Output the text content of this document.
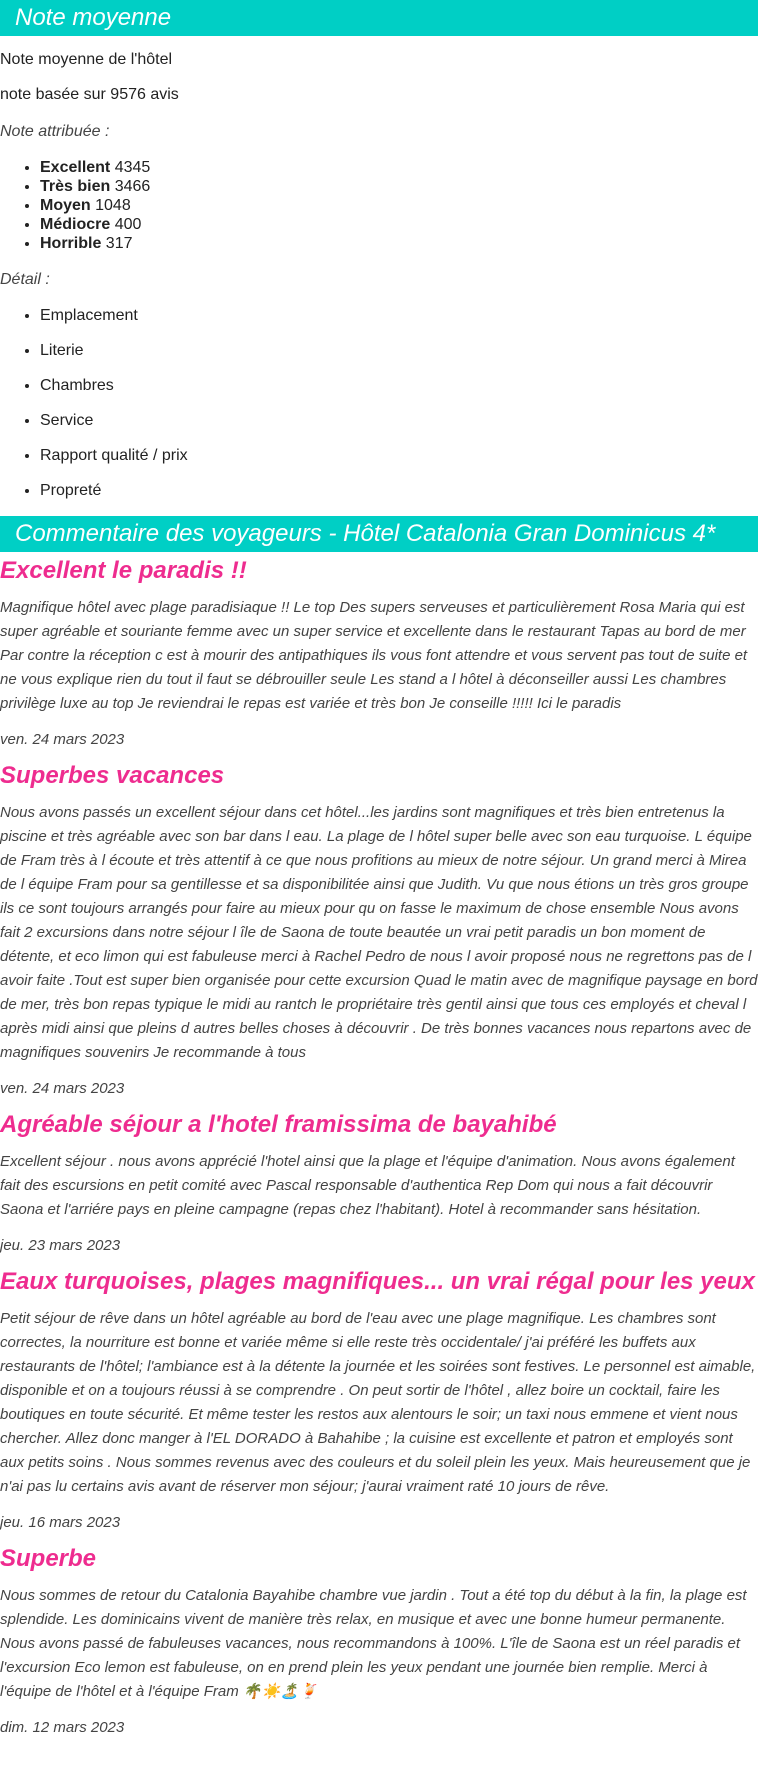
Note moyenne

Note moyenne de l'hôtel

note basée sur 9576 avis

Note attribuée :
• Excellent 4345
• Très bien 3466
• Moyen 1048
• Médiocre 400
• Horrible 317
Détail :
• Emplacement
• Literie
• Chambres
• Service
• Rapport qualité / prix
• Propreté
Commentaire des voyageurs - Hôtel Catalonia Gran Dominicus 4*
Excellent le paradis !!

Magnifique hôtel avec plage paradisiaque !! Le top Des supers serveuses et particulièrement Rosa Maria qui est super agréable et souriante femme avec un super service et excellente dans le restaurant Tapas au bord de mer Par contre la réception c est à mourir des antipathiques ils vous font attendre et vous servent pas tout de suite et ne vous explique rien du tout il faut se débrouiller seule Les stand a l hôtel à déconseiller aussi Les chambres privilège luxe au top Je reviendrai le repas est variée et très bon Je conseille !!!!! Ici le paradis

ven. 24 mars 2023

Superbes vacances

Nous avons passés un excellent séjour dans cet hôtel...les jardins sont magnifiques et très bien entretenus la piscine et très agréable avec son bar dans l eau. La plage de l hôtel super belle avec son eau turquoise. L équipe de Fram très à l écoute et très attentif à ce que nous profitions au mieux de notre séjour. Un grand merci à Mirea de l équipe Fram pour sa gentillesse et sa disponibilitée ainsi que Judith. Vu que nous étions un très gros groupe ils ce sont toujours arrangés pour faire au mieux pour qu on fasse le maximum de chose ensemble Nous avons fait 2 excursions dans notre séjour l île de Saona de toute beautée un vrai petit paradis un bon moment de détente, et eco limon qui est fabuleuse merci à Rachel Pedro de nous l avoir proposé nous ne regrettons pas de l avoir faite .Tout est super bien organisée pour cette excursion Quad le matin avec de magnifique paysage en bord de mer, très bon repas typique le midi au rantch le propriétaire très gentil ainsi que tous ces employés et cheval l après midi ainsi que pleins d autres belles choses à découvrir . De très bonnes vacances nous repartons avec de magnifiques souvenirs Je recommande à tous

ven. 24 mars 2023

Agréable séjour a l'hotel framissima de bayahibé

Excellent séjour . nous avons apprécié l'hotel ainsi que la plage et l'équipe d'animation. Nous avons également fait des escursions en petit comité avec Pascal responsable d'authentica Rep Dom qui nous a fait découvrir Saona et l'arriére pays en pleine campagne (repas chez l'habitant). Hotel à recommander sans hésitation.

jeu. 23 mars 2023

Eaux turquoises, plages magnifiques... un vrai régal pour les yeux

Petit séjour de rêve dans un hôtel agréable au bord de l'eau avec une plage magnifique. Les chambres sont correctes, la nourriture est bonne et variée même si elle reste très occidentale/ j'ai préféré les buffets aux restaurants de l'hôtel; l'ambiance est à la détente la journée et les soirées sont festives. Le personnel est aimable, disponible et on a toujours réussi à se comprendre . On peut sortir de l'hôtel , allez boire un cocktail, faire les boutiques en toute sécurité. Et même tester les restos aux alentours le soir; un taxi nous emmene et vient nous chercher. Allez donc manger à l'EL DORADO à Bahahibe ; la cuisine est excellente et patron et employés sont aux petits soins . Nous sommes revenus avec des couleurs et du soleil plein les yeux. Mais heureusement que je n'ai pas lu certains avis avant de réserver mon séjour; j'aurai vraiment raté 10 jours de rêve.

jeu. 16 mars 2023

Superbe

Nous sommes de retour du Catalonia Bayahibe chambre vue jardin . Tout a été top du début à la fin, la plage est splendide. Les dominicains vivent de manière très relax, en musique et avec une bonne humeur permanente. Nous avons passé de fabuleuses vacances, nous recommandons à 100%. L'île de Saona est un réel paradis et l'excursion Eco lemon est fabuleuse, on en prend plein les yeux pendant une journée bien remplie. Merci à l'équipe de l'hôtel et à l'équipe Fram 🌴☀️🏝️🍹

dim. 12 mars 2023
